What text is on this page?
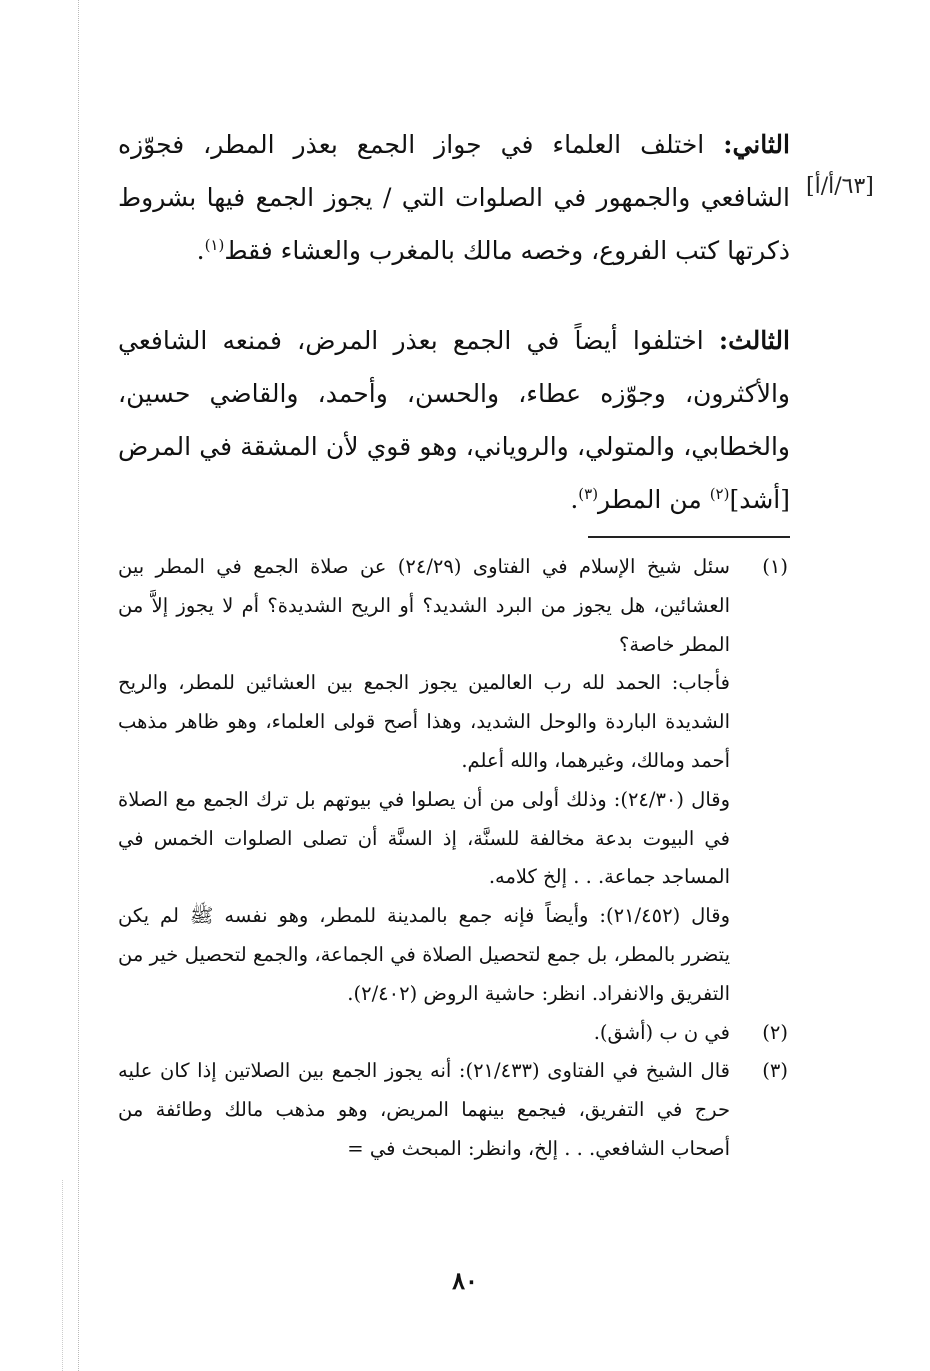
[٦٣/أ/أ]

الثاني: اختلف العلماء في جواز الجمع بعذر المطر، فجوّزه الشافعي والجمهور في الصلوات التي / يجوز الجمع فيها بشروط ذكرتها كتب الفروع، وخصه مالك بالمغرب والعشاء فقط$^{(١)}$.

الثالث: اختلفوا أيضاً في الجمع بعذر المرض، فمنعه الشافعي والأكثرون، وجوّزه عطاء، والحسن، وأحمد، والقاضي حسين، والخطابي، والمتولي، والروياني، وهو قوي لأن المشقة في المرض [أشد]$^{(٢)}$ من المطر$^{(٣)}$.

(١)

سئل شيخ الإسلام في الفتاوى (٢٤/٢٩) عن صلاة الجمع في المطر بين العشائين، هل يجوز من البرد الشديد؟ أو الريح الشديدة؟ أم لا يجوز إلاَّ من المطر خاصة؟

فأجاب: الحمد لله رب العالمين يجوز الجمع بين العشائين للمطر، والريح الشديدة الباردة والوحل الشديد، وهذا أصح قولى العلماء، وهو ظاهر مذهب أحمد ومالك، وغيرهما، والله أعلم.

وقال (٢٤/٣٠): وذلك أولى من أن يصلوا في بيوتهم بل ترك الجمع مع الصلاة في البيوت بدعة مخالفة للسنَّة، إذ السنَّة أن تصلى الصلوات الخمس في المساجد جماعة. . . إلخ كلامه.

وقال (٢١/٤٥٢): وأيضاً فإنه جمع بالمدينة للمطر، وهو نفسه ﷺ لم يكن يتضرر بالمطر، بل جمع لتحصيل الصلاة في الجماعة، والجمع لتحصيل خير من التفريق والانفراد. انظر: حاشية الروض (٢/٤٠٢).

(٢)

في ن ب (أشق).

(٣)

قال الشيخ في الفتاوى (٢١/٤٣٣): أنه يجوز الجمع بين الصلاتين إذا كان عليه حرج في التفريق، فيجمع بينهما المريض، وهو مذهب مالك وطائفة من أصحاب الشافعي. . . إلخ، وانظر: المبحث في =

٨٠
